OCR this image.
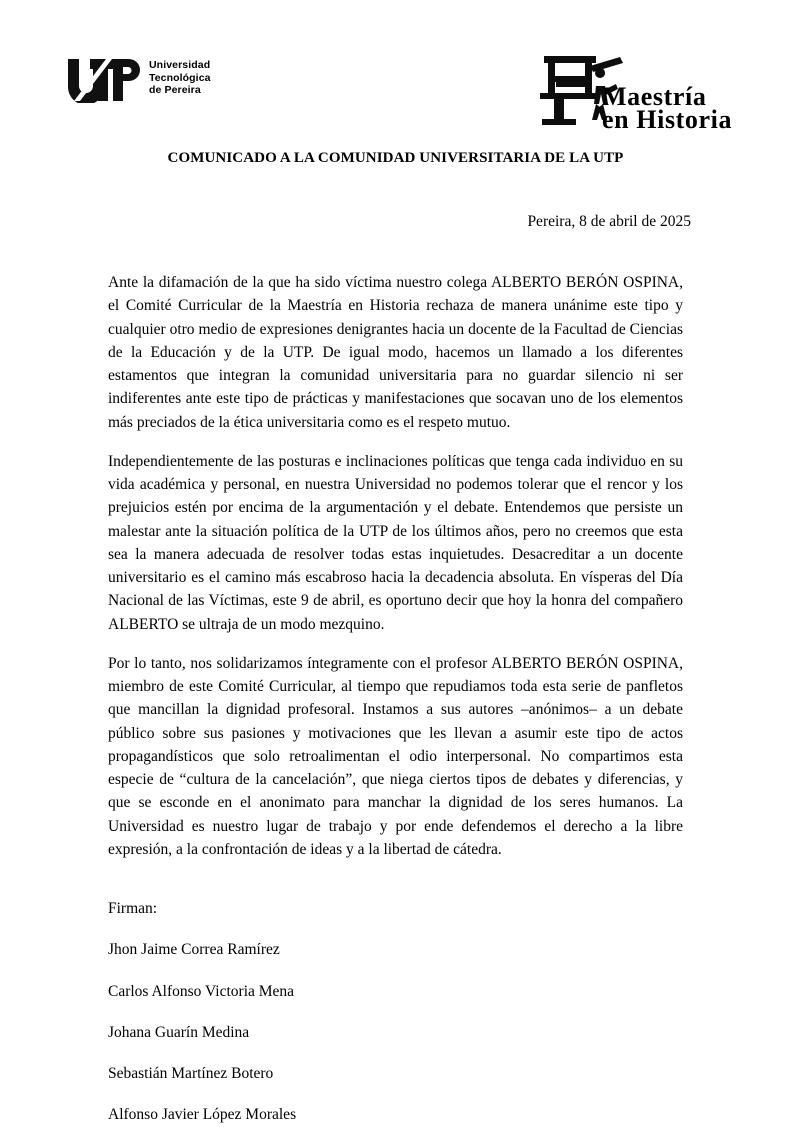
Universidad
Tecnológica
de Pereira	Maestría
en Historia
COMUNICADO A LA COMUNIDAD UNIVERSITARIA DE LA UTP
Pereira, 8 de abril de 2025

Ante la difamación de la que ha sido víctima nuestro colega ALBERTO BERÓN OSPINA, el Comité Curricular de la Maestría en Historia rechaza de manera unánime este tipo y cualquier otro medio de expresiones denigrantes hacia un docente de la Facultad de Ciencias de la Educación y de la UTP. De igual modo, hacemos un llamado a los diferentes estamentos que integran la comunidad universitaria para no guardar silencio ni ser indiferentes ante este tipo de prácticas y manifestaciones que socavan uno de los elementos más preciados de la ética universitaria como es el respeto mutuo.

Independientemente de las posturas e inclinaciones políticas que tenga cada individuo en su vida académica y personal, en nuestra Universidad no podemos tolerar que el rencor y los prejuicios estén por encima de la argumentación y el debate. Entendemos que persiste un malestar ante la situación política de la UTP de los últimos años, pero no creemos que esta sea la manera adecuada de resolver todas estas inquietudes. Desacreditar a un docente universitario es el camino más escabroso hacia la decadencia absoluta. En vísperas del Día Nacional de las Víctimas, este 9 de abril, es oportuno decir que hoy la honra del compañero ALBERTO se ultraja de un modo mezquino.

Por lo tanto, nos solidarizamos íntegramente con el profesor ALBERTO BERÓN OSPINA, miembro de este Comité Curricular, al tiempo que repudiamos toda esta serie de panfletos que mancillan la dignidad profesoral. Instamos a sus autores –anónimos– a un debate público sobre sus pasiones y motivaciones que les llevan a asumir este tipo de actos propagandísticos que solo retroalimentan el odio interpersonal. No compartimos esta especie de “cultura de la cancelación”, que niega ciertos tipos de debates y diferencias, y que se esconde en el anonimato para manchar la dignidad de los seres humanos. La Universidad es nuestro lugar de trabajo y por ende defendemos el derecho a la libre expresión, a la confrontación de ideas y a la libertad de cátedra.

Firman:
Jhon Jaime Correa Ramírez
Carlos Alfonso Victoria Mena
Johana Guarín Medina
Sebastián Martínez Botero
Alfonso Javier López Morales
